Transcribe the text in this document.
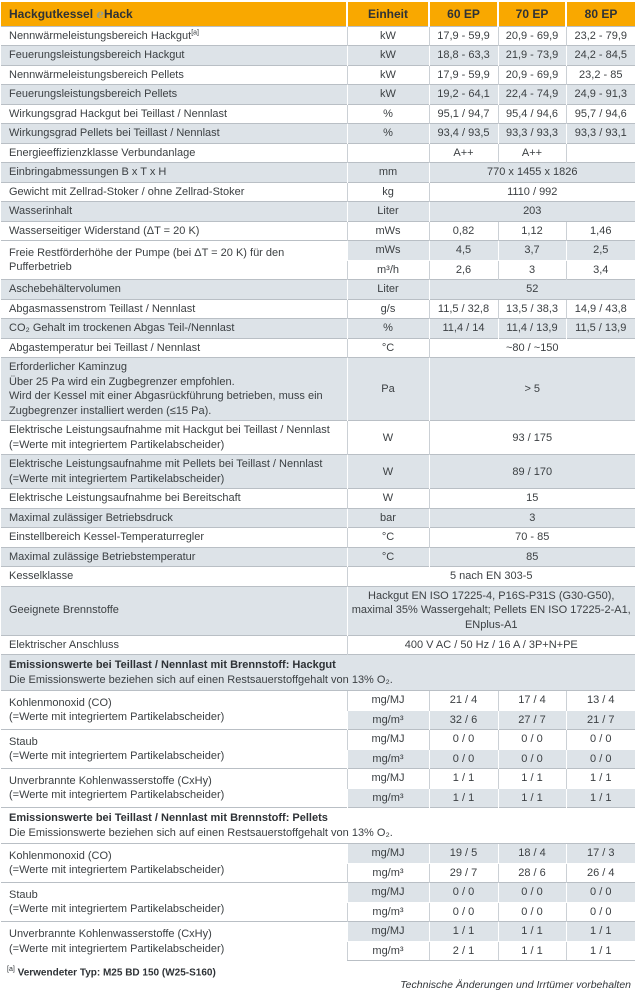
Hackgutkessel eHack	Einheit	60 EP	70 EP	80 EP
Nennwärmeleistungsbereich Hackgut[a]	kW	17,9 - 59,9	20,9 - 69,9	23,2 - 79,9
Feuerungsleistungsbereich Hackgut	kW	18,8 - 63,3	21,9 - 73,9	24,2 - 84,5
Nennwärmeleistungsbereich Pellets	kW	17,9 - 59,9	20,9 - 69,9	23,2 - 85
Feuerungsleistungsbereich Pellets	kW	19,2 - 64,1	22,4 - 74,9	24,9 - 91,3
Wirkungsgrad Hackgut bei Teillast / Nennlast	%	95,1 / 94,7	95,4 / 94,6	95,7 / 94,6
Wirkungsgrad Pellets bei Teillast / Nennlast	%	93,4 / 93,5	93,3 / 93,3	93,3 / 93,1
Energieeffizienzklasse Verbundanlage		A++	A++	
Einbringabmessungen B x T x H	mm	770 x 1455 x 1826		
Gewicht mit Zellrad-Stoker / ohne Zellrad-Stoker	kg	1110 / 992		
Wasserinhalt	Liter	203		
Wasserseitiger Widerstand (ΔT = 20 K)	mWs	0,82	1,12	1,46
Freie Restförderhöhe der Pumpe (bei ΔT = 20 K) für den Pufferbetrieb	mWs	4,5	3,7	2,5
	m³/h	2,6	3	3,4
Aschebehältervolumen	Liter	52		
Abgasmassenstrom Teillast / Nennlast	g/s	11,5 / 32,8	13,5 / 38,3	14,9 / 43,8
CO₂ Gehalt im trockenen Abgas Teil-/Nennlast	%	11,4 / 14	11,4 / 13,9	11,5 / 13,9
Abgastemperatur bei Teillast / Nennlast	°C	~80 / ~150		

Erforderlicher Kaminzug
Über 25 Pa wird ein Zugbegrenzer empfohlen.
Wird der Kessel mit einer Abgasrückführung betrieben, muss ein Zugbegrenzer installiert werden (≤15 Pa).	Pa	> 5		

Elektrische Leistungsaufnahme mit Hackgut bei Teillast / Nennlast
(=Werte mit integriertem Partikelabscheider)	W	93 / 175		

Elektrische Leistungsaufnahme mit Pellets bei Teillast / Nennlast
(=Werte mit integriertem Partikelabscheider)	W	89 / 170		
Elektrische Leistungsaufnahme bei Bereitschaft	W	15		
Maximal zulässiger Betriebsdruck	bar	3		
Einstellbereich Kessel-Temperaturregler	°C	70 - 85		
Maximal zulässige Betriebstemperatur	°C	85		
Kesselklasse	5 nach EN 303-5			

Geeignete Brennstoffe	Hackgut EN ISO 17225-4, P16S-P31S (G30-G50),
maximal 35% Wassergehalt; Pellets EN ISO 17225-2-A1,
ENplus-A1			

Elektrischer Anschluss	400 V AC / 50 Hz / 16 A / 3P+N+PE			

Emissionswerte bei Teillast / Nennlast mit Brennstoff: Hackgut
Die Emissionswerte beziehen sich auf einen Restsauerstoffgehalt von 13% O₂.				

Kohlenmonoxid (CO)
(=Werte mit integriertem Partikelabscheider)	mg/MJ	21 / 4	17 / 4	13 / 4
	mg/m³	32 / 6	27 / 7	21 / 7

Staub
(=Werte mit integriertem Partikelabscheider)	mg/MJ	0 / 0	0 / 0	0 / 0
	mg/m³	0 / 0	0 / 0	0 / 0

Unverbrannte Kohlenwasserstoffe (CxHy)
(=Werte mit integriertem Partikelabscheider)	mg/MJ	1 / 1	1 / 1	1 / 1
	mg/m³	1 / 1	1 / 1	1 / 1

Emissionswerte bei Teillast / Nennlast mit Brennstoff: Pellets
Die Emissionswerte beziehen sich auf einen Restsauerstoffgehalt von 13% O₂.				

Kohlenmonoxid (CO)
(=Werte mit integriertem Partikelabscheider)	mg/MJ	19 / 5	18 / 4	17 / 3
	mg/m³	29 / 7	28 / 6	26 / 4

Staub
(=Werte mit integriertem Partikelabscheider)	mg/MJ	0 / 0	0 / 0	0 / 0
	mg/m³	0 / 0	0 / 0	0 / 0

Unverbrannte Kohlenwasserstoffe (CxHy)
(=Werte mit integriertem Partikelabscheider)	mg/MJ	1 / 1	1 / 1	1 / 1
	mg/m³	2 / 1	1 / 1	1 / 1
[a] Verwendeter Typ: M25 BD 150 (W25-S160)
Technische Änderungen und Irrtümer vorbehalten
